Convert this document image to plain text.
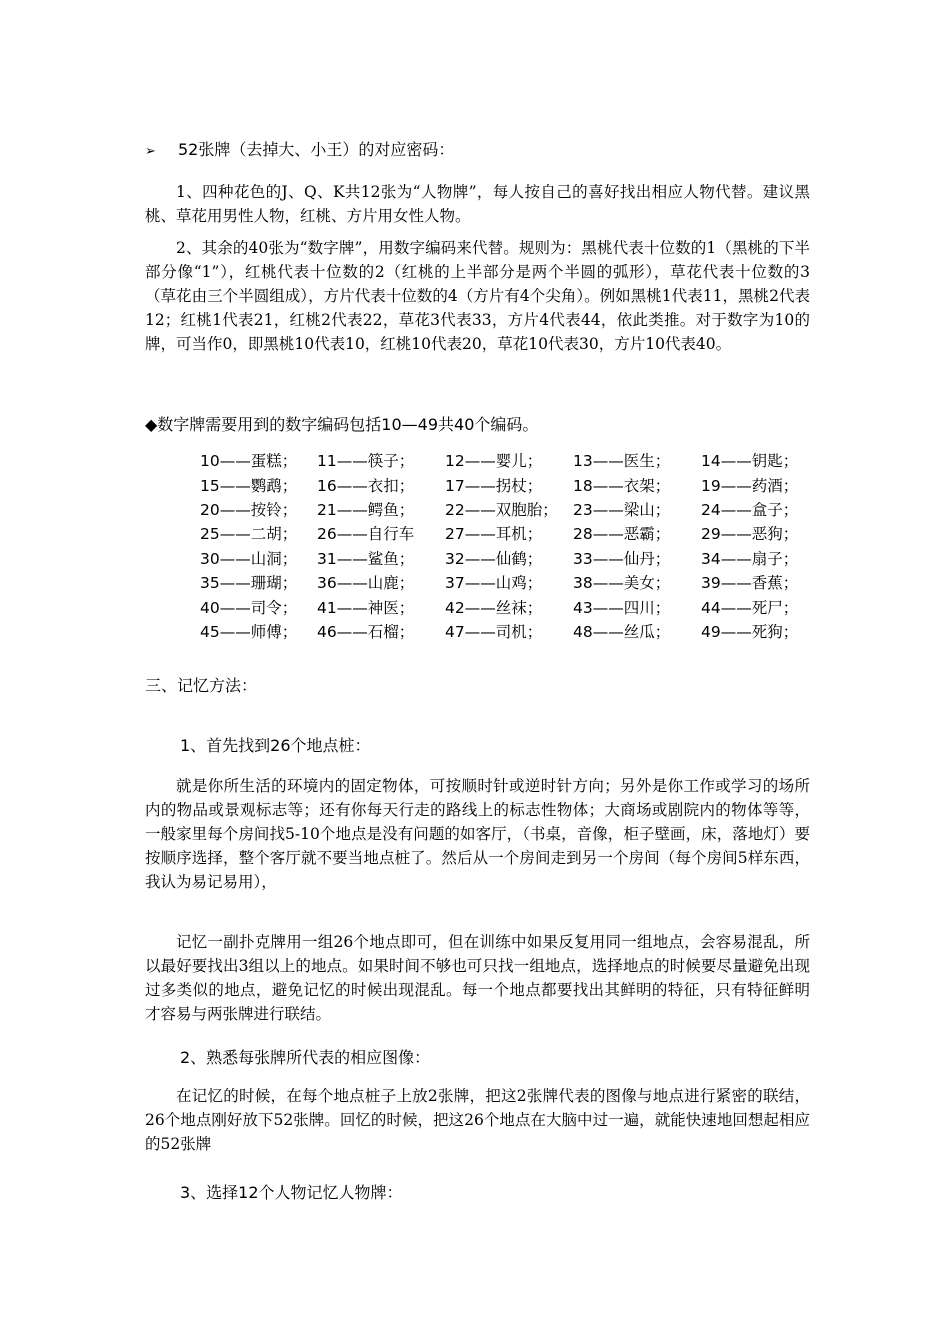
➢ 52张牌（去掉大、小王）的对应密码：

1、四种花色的J、Q、K共12张为“人物牌”，每人按自己的喜好找出相应人物代替。建议黑桃、草花用男性人物，红桃、方片用女性人物。

2、其余的40张为“数字牌”，用数字编码来代替。规则为：黑桃代表十位数的1（黑桃的下半部分像“1”），红桃代表十位数的2（红桃的上半部分是两个半圆的弧形），草花代表十位数的3（草花由三个半圆组成），方片代表十位数的4（方片有4个尖角）。例如黑桃1代表11，黑桃2代表12；红桃1代表21，红桃2代表22，草花3代表33，方片4代表44，依此类推。对于数字为10的牌，可当作0，即黑桃10代表10，红桃10代表20，草花10代表30，方片10代表40。

◆数字牌需要用到的数字编码包括10—49共40个编码。

10——蛋糕；	11——筷子；	12——婴儿；	13——医生；	14——钥匙；
15——鹦鹉；	16——衣扣；	17——拐杖；	18——衣架；	19——药酒；
20——按铃；	21——鳄鱼；	22——双胞胎；	23——梁山；	24——盒子；
25——二胡；	26——自行车	27——耳机；	28——恶霸；	29——恶狗；
30——山洞；	31——鲨鱼；	32——仙鹤；	33——仙丹；	34——扇子；
35——珊瑚；	36——山鹿；	37——山鸡；	38——美女；	39——香蕉；
40——司令；	41——神医；	42——丝袜；	43——四川；	44——死尸；
45——师傅；	46——石榴；	47——司机；	48——丝瓜；	49——死狗；

三、记忆方法：

1、首先找到26个地点桩：

就是你所生活的环境内的固定物体，可按顺时针或逆时针方向；另外是你工作或学习的场所内的物品或景观标志等；还有你每天行走的路线上的标志性物体；大商场或剧院内的物体等等，一般家里每个房间找5-10个地点是没有问题的如客厅，（书桌，音像，柜子壁画，床，落地灯）要按顺序选择，整个客厅就不要当地点桩了。然后从一个房间走到另一个房间（每个房间5样东西，我认为易记易用），

记忆一副扑克牌用一组26个地点即可，但在训练中如果反复用同一组地点，会容易混乱，所以最好要找出3组以上的地点。如果时间不够也可只找一组地点，选择地点的时候要尽量避免出现过多类似的地点，避免记忆的时候出现混乱。每一个地点都要找出其鲜明的特征，只有特征鲜明才容易与两张牌进行联结。

2、熟悉每张牌所代表的相应图像：

在记忆的时候，在每个地点桩子上放2张牌，把这2张牌代表的图像与地点进行紧密的联结，26个地点刚好放下52张牌。回忆的时候，把这26个地点在大脑中过一遍，就能快速地回想起相应的52张牌

3、选择12个人物记忆人物牌：
